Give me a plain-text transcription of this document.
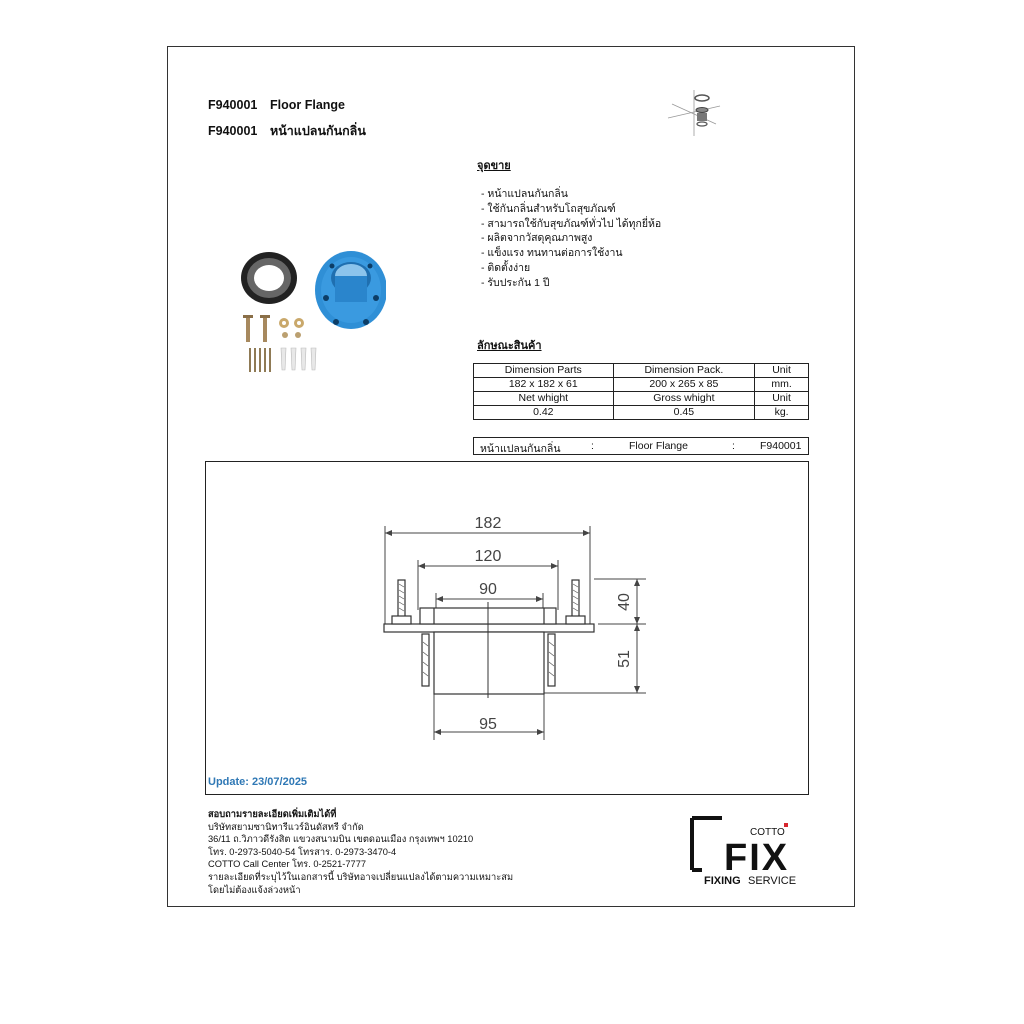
F940001 Floor Flange
F940001 หน้าแปลนกันกลิ่น
จุดขาย
- หน้าแปลนกันกลิ่น
- ใช้กันกลิ่นสำหรับโถสุขภัณฑ์
- สามารถใช้กับสุขภัณฑ์ทั่วไป ได้ทุกยี่ห้อ
- ผลิตจากวัสดุคุณภาพสูง
- แข็งแรง ทนทานต่อการใช้งาน
- ติดตั้งง่าย
- รับประกัน 1 ปี
ลักษณะสินค้า
Dimension Parts	Dimension Pack.	Unit
182 x 182 x 61	200 x 265 x 85	mm.
Net whight	Gross whight	Unit
0.42	0.45	kg.
หน้าแปลนกันกลิ่น	:	Floor Flange	: F940001
182
120
90
95
40
51
Update: 23/07/2025
สอบถามรายละเอียดเพิ่มเติมได้ที่
บริษัทสยามซานิทารีแวร์อินดัสทรี จำกัด
36/11 ถ.วิภาวดีรังสิต แขวงสนามบิน เขตดอนเมือง กรุงเทพฯ 10210
โทร. 0-2973-5040-54 โทรสาร. 0-2973-3470-4
COTTO Call Center โทร. 0-2521-7777
รายละเอียดที่ระบุไว้ในเอกสารนี้ บริษัทอาจเปลี่ยนแปลงได้ตามความเหมาะสม
โดยไม่ต้องแจ้งล่วงหน้า
COTTO
FIX
FIXING SERVICE
